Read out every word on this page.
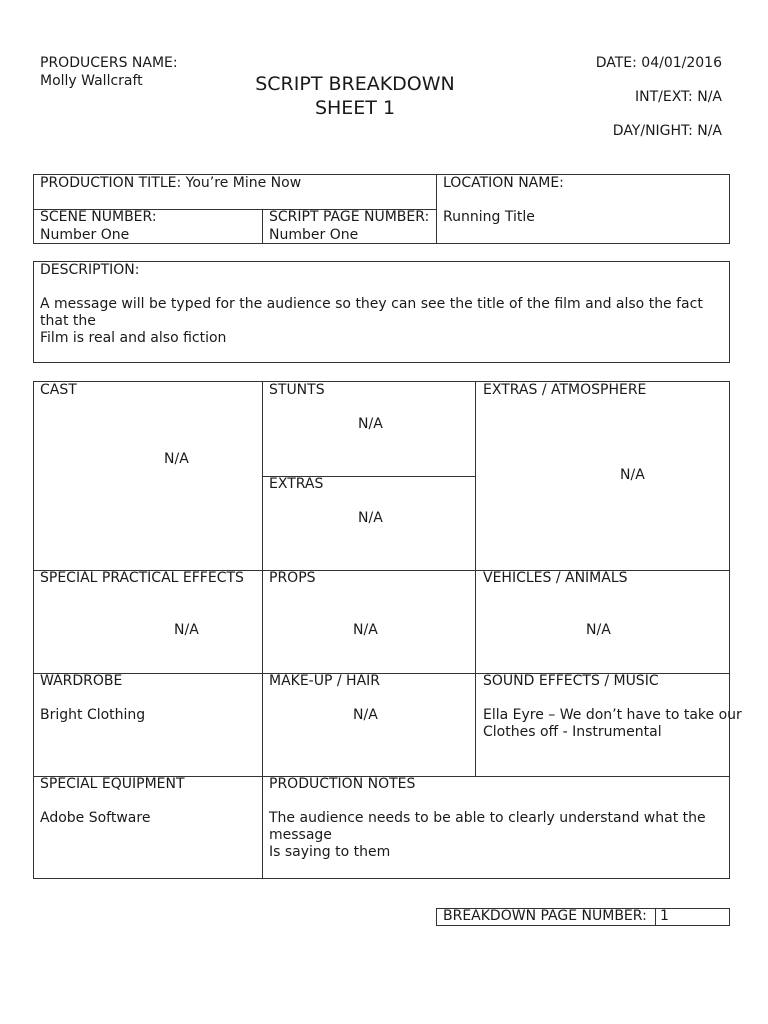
PRODUCERS NAME:
Molly Wallcraft	SCRIPT BREAKDOWN
SHEET 1
DATE: 04/01/2016
INT/EXT: N/A
DAY/NIGHT: N/A
PRODUCTION TITLE: You’re Mine Now	LOCATION NAME:
Running Title
SCENE NUMBER:
Number One
SCRIPT PAGE NUMBER:
Number One
DESCRIPTION:
A message will be typed for the audience so they can see the title of the film and also the fact
that the
Film is real and also fiction
CAST
N/A
STUNTS
N/A
EXTRAS
N/A
EXTRAS / ATMOSPHERE
N/A
SPECIAL PRACTICAL EFFECTS
N/A
PROPS
N/A
VEHICLES / ANIMALS
N/A
WARDROBE
Bright Clothing
MAKE-UP / HAIR
N/A
SOUND EFFECTS / MUSIC
Ella Eyre – We don’t have to take our
Clothes off - Instrumental
SPECIAL EQUIPMENT
Adobe Software
PRODUCTION NOTES
The audience needs to be able to clearly understand what the
message
Is saying to them
BREAKDOWN PAGE NUMBER: 1
